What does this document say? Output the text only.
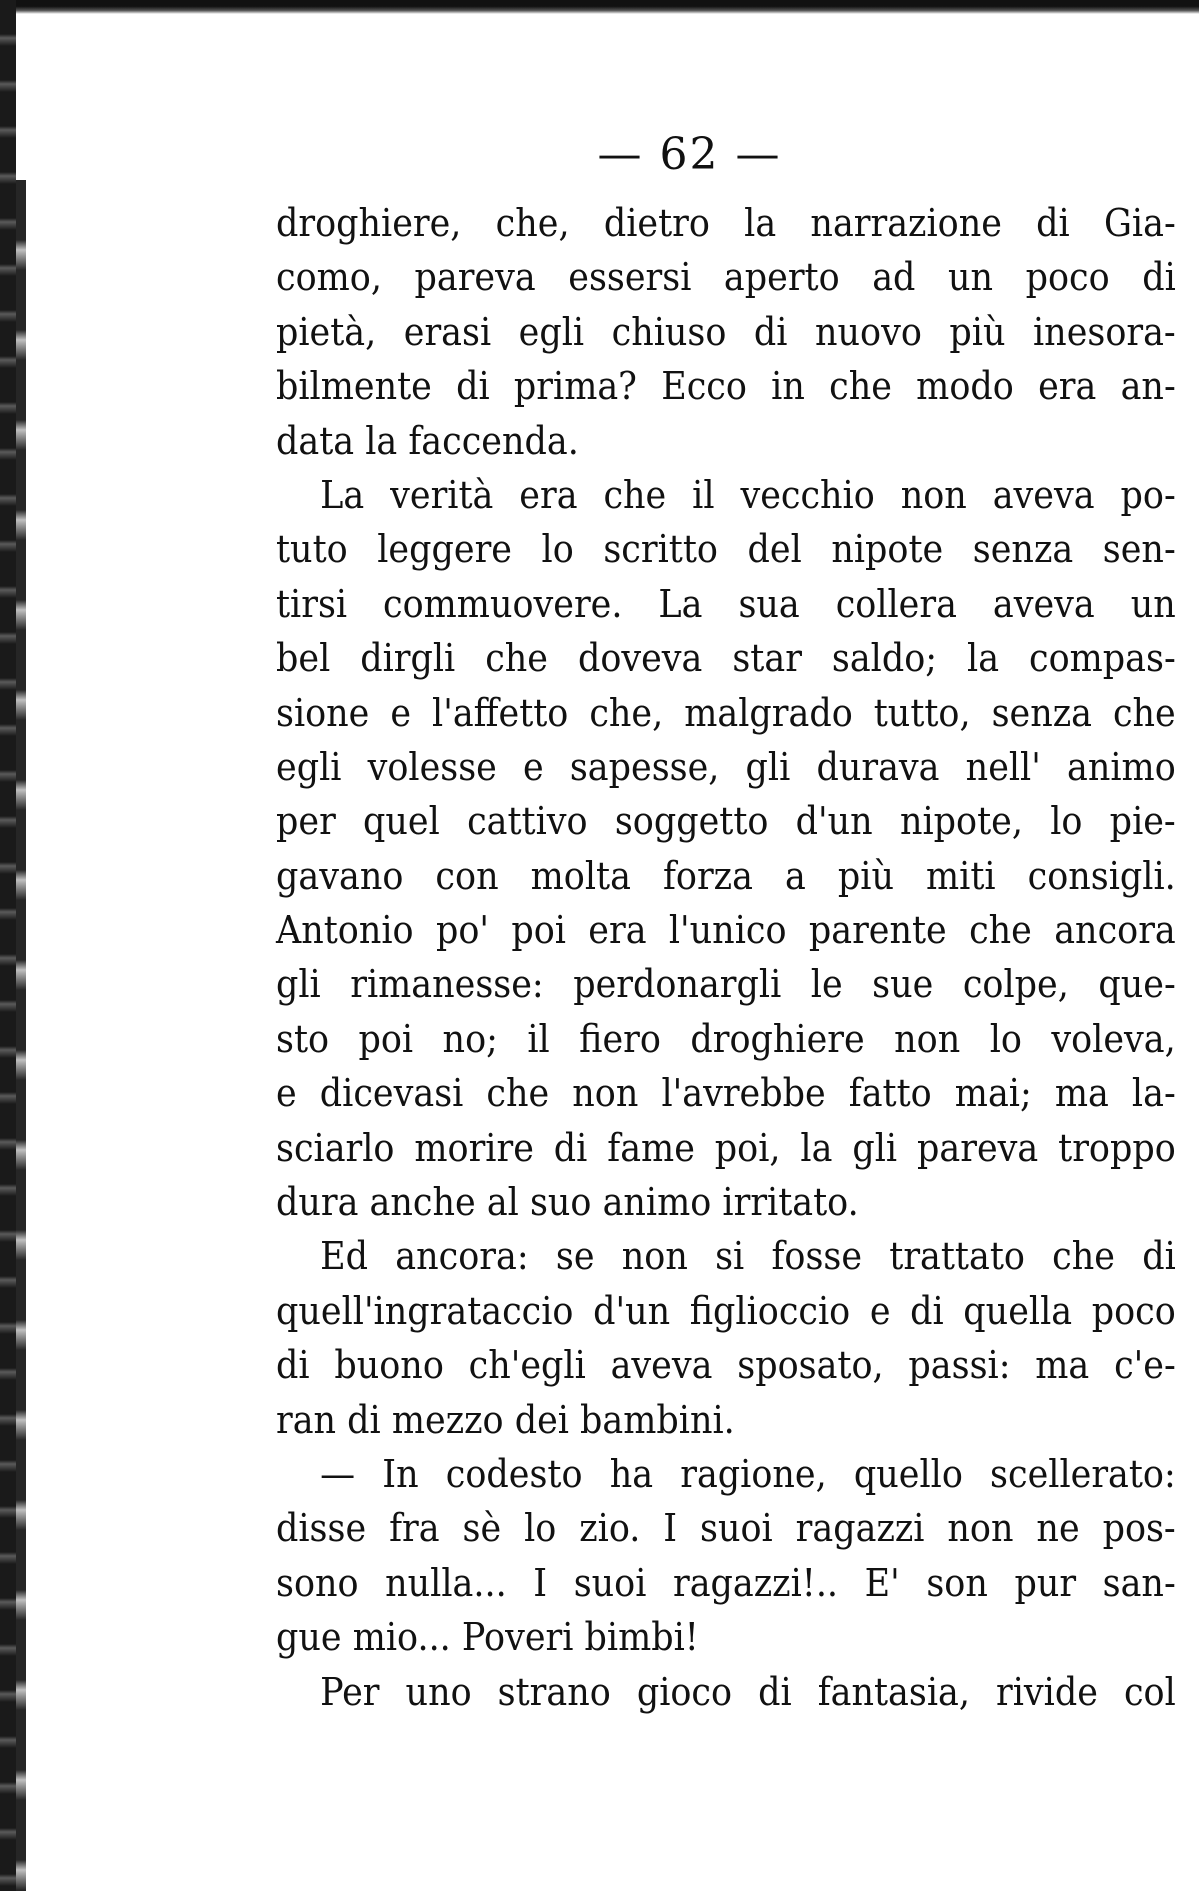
— 62 —
droghiere, che, dietro la narrazione di Gia-
como, pareva essersi aperto ad un poco di
pietà, erasi egli chiuso di nuovo più inesora-
bilmente di prima? Ecco in che modo era an-
data la faccenda.
La verità era che il vecchio non aveva po-
tuto leggere lo scritto del nipote senza sen-
tirsi commuovere. La sua collera aveva un
bel dirgli che doveva star saldo; la compas-
sione e l'affetto che, malgrado tutto, senza che
egli volesse e sapesse, gli durava nell' animo
per quel cattivo soggetto d'un nipote, lo pie-
gavano con molta forza a più miti consigli.
Antonio po' poi era l'unico parente che ancora
gli rimanesse: perdonargli le sue colpe, que-
sto poi no; il fiero droghiere non lo voleva,
e dicevasi che non l'avrebbe fatto mai; ma la-
sciarlo morire di fame poi, la gli pareva troppo
dura anche al suo animo irritato.
Ed ancora: se non si fosse trattato che di
quell'ingrataccio d'un figlioccio e di quella poco
di buono ch'egli aveva sposato, passi: ma c'e-
ran di mezzo dei bambini.
— In codesto ha ragione, quello scellerato:
disse fra sè lo zio. I suoi ragazzi non ne pos-
sono nulla... I suoi ragazzi!.. E' son pur san-
gue mio... Poveri bimbi!
Per uno strano gioco di fantasia, rivide col
